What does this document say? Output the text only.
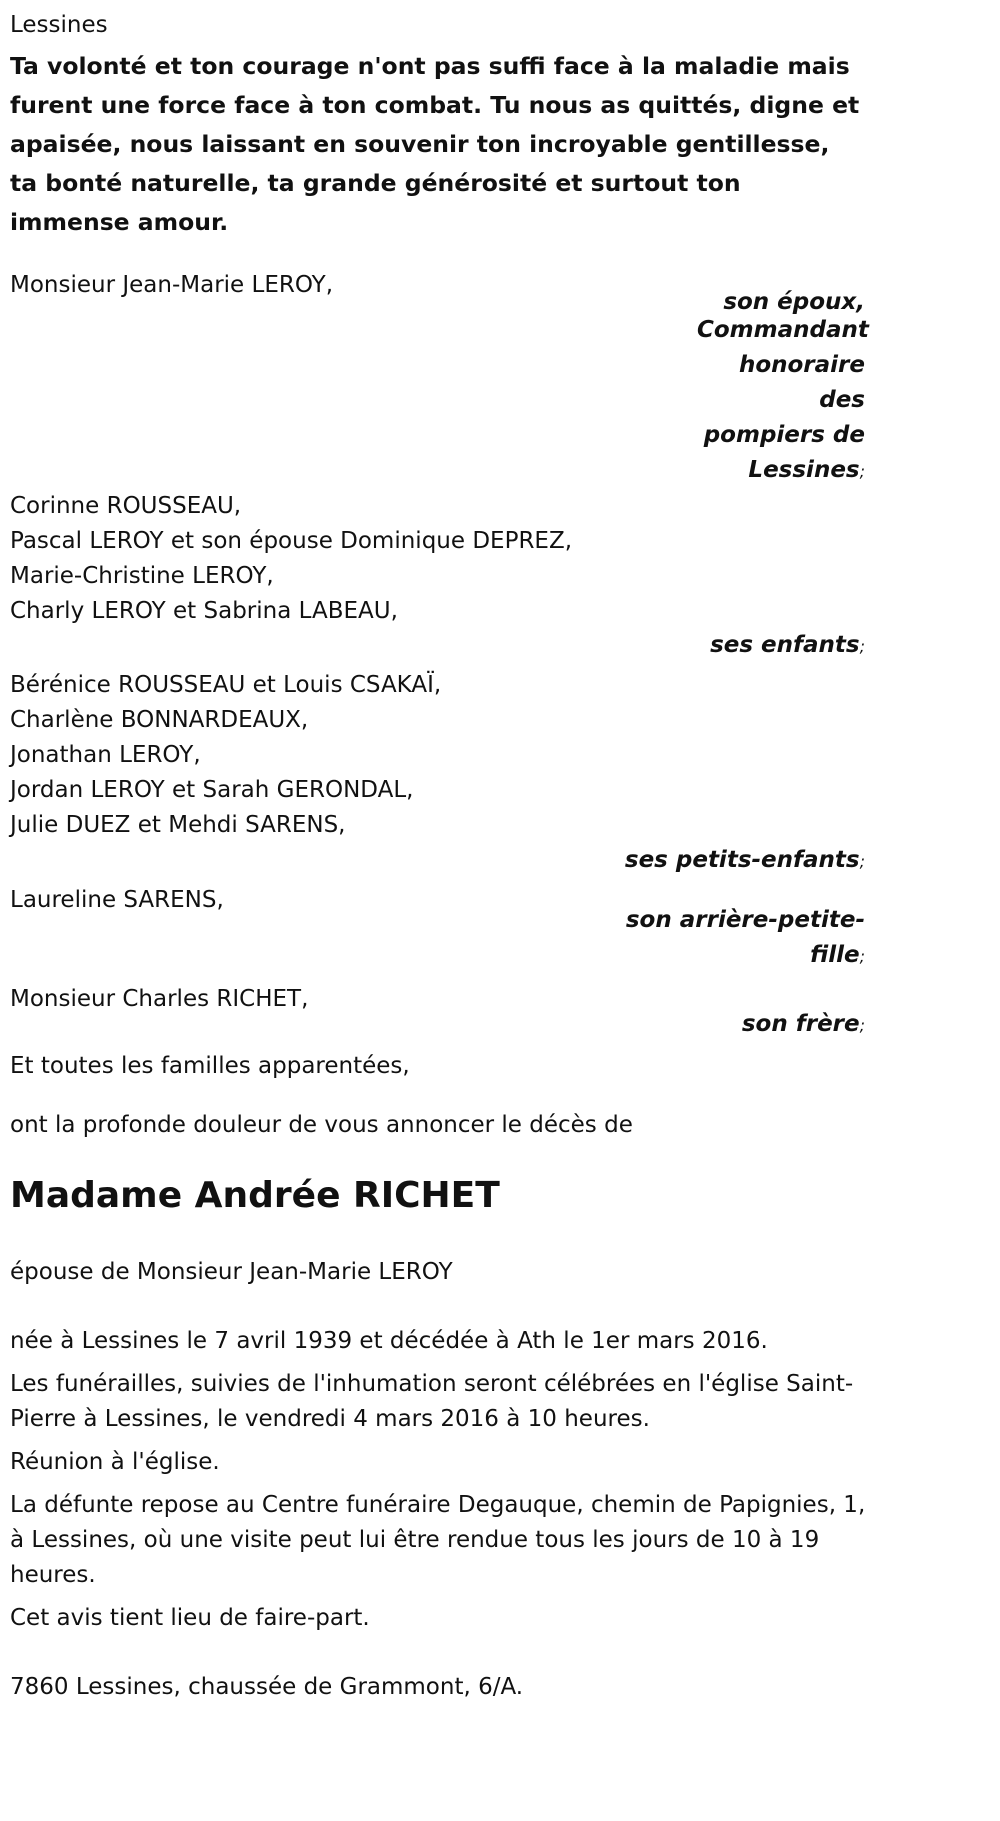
Lessines
Ta volonté et ton courage n'ont pas suffi face à la maladie mais furent une force face à ton combat. Tu nous as quittés, digne et apaisée, nous laissant en souvenir ton incroyable gentillesse, ta bonté naturelle, ta grande générosité et surtout ton immense amour.
Monsieur Jean-Marie LEROY,
son époux,
Commandant honoraire des pompiers de Lessines;
Corinne ROUSSEAU,
Pascal LEROY et son épouse Dominique DEPREZ,
Marie-Christine LEROY,
Charly LEROY et Sabrina LABEAU,
ses enfants;
Bérénice ROUSSEAU et Louis CSAKAÏ,
Charlène BONNARDEAUX,
Jonathan LEROY,
Jordan LEROY et Sarah GERONDAL,
Julie DUEZ et Mehdi SARENS,
ses petits-enfants;
Laureline SARENS,
son arrière-petite-fille;
Monsieur Charles RICHET,
son frère;
Et toutes les familles apparentées,
ont la profonde douleur de vous annoncer le décès de
Madame Andrée RICHET
épouse de Monsieur Jean-Marie LEROY
née à Lessines le 7 avril 1939 et décédée à Ath le 1er mars 2016.
Les funérailles, suivies de l'inhumation seront célébrées en l'église Saint-Pierre à Lessines, le vendredi 4 mars 2016 à 10 heures.
Réunion à l'église.
La défunte repose au Centre funéraire Degauque, chemin de Papignies, 1, à Lessines, où une visite peut lui être rendue tous les jours de 10 à 19 heures.
Cet avis tient lieu de faire-part.
7860 Lessines, chaussée de Grammont, 6/A.
